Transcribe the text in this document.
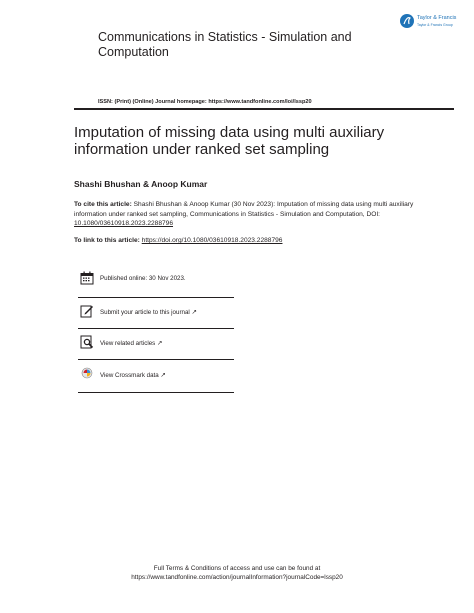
Taylor & Francis
Taylor & Francis Group
Communications in Statistics - Simulation and Computation
ISSN: (Print) (Online) Journal homepage: https://www.tandfonline.com/loi/lssp20
Imputation of missing data using multi auxiliary information under ranked set sampling
Shashi Bhushan & Anoop Kumar
To cite this article: Shashi Bhushan & Anoop Kumar (30 Nov 2023): Imputation of missing data using multi auxiliary information under ranked set sampling, Communications in Statistics - Simulation and Computation, DOI: 10.1080/03610918.2023.2288796
To link to this article: https://doi.org/10.1080/03610918.2023.2288796
Published online: 30 Nov 2023.
Submit your article to this journal ↗
View related articles ↗
View Crossmark data ↗
Full Terms & Conditions of access and use can be found at
https://www.tandfonline.com/action/journalInformation?journalCode=lssp20
